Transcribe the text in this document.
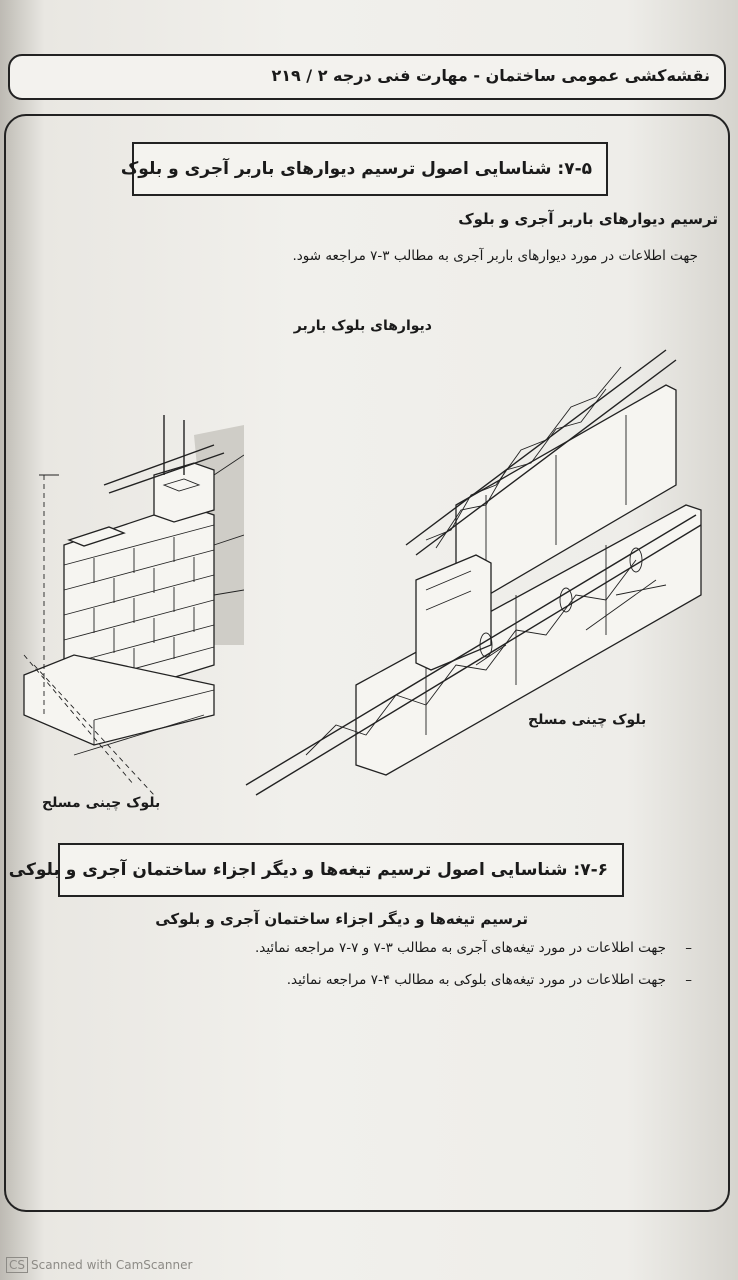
نقشه‌کشی عمومی ساختمان - مهارت فنی درجه ۲ / ۲۱۹
۷-۵: شناسایی اصول ترسیم دیوارهای باربر آجری و بلوک
ترسیم دیوارهای باربر آجری و بلوک
جهت اطلاعات در مورد دیوارهای باربر آجری به مطالب ۳-۷ مراجعه شود.
دیوارهای بلوک باربر
بلوک چینی مسلح
بلوک چینی مسلح
۷-۶: شناسایی اصول ترسیم تیغه‌ها و دیگر اجزاء ساختمان آجری و بلوکی
ترسیم تیغه‌ها و دیگر اجزاء ساختمان آجری و بلوکی
–
جهت اطلاعات در مورد تیغه‌های آجری به مطالب ۳-۷ و ۷-۷ مراجعه نمائید.
–
جهت اطلاعات در مورد تیغه‌های بلوکی به مطالب ۴-۷ مراجعه نمائید.
CS Scanned with CamScanner
